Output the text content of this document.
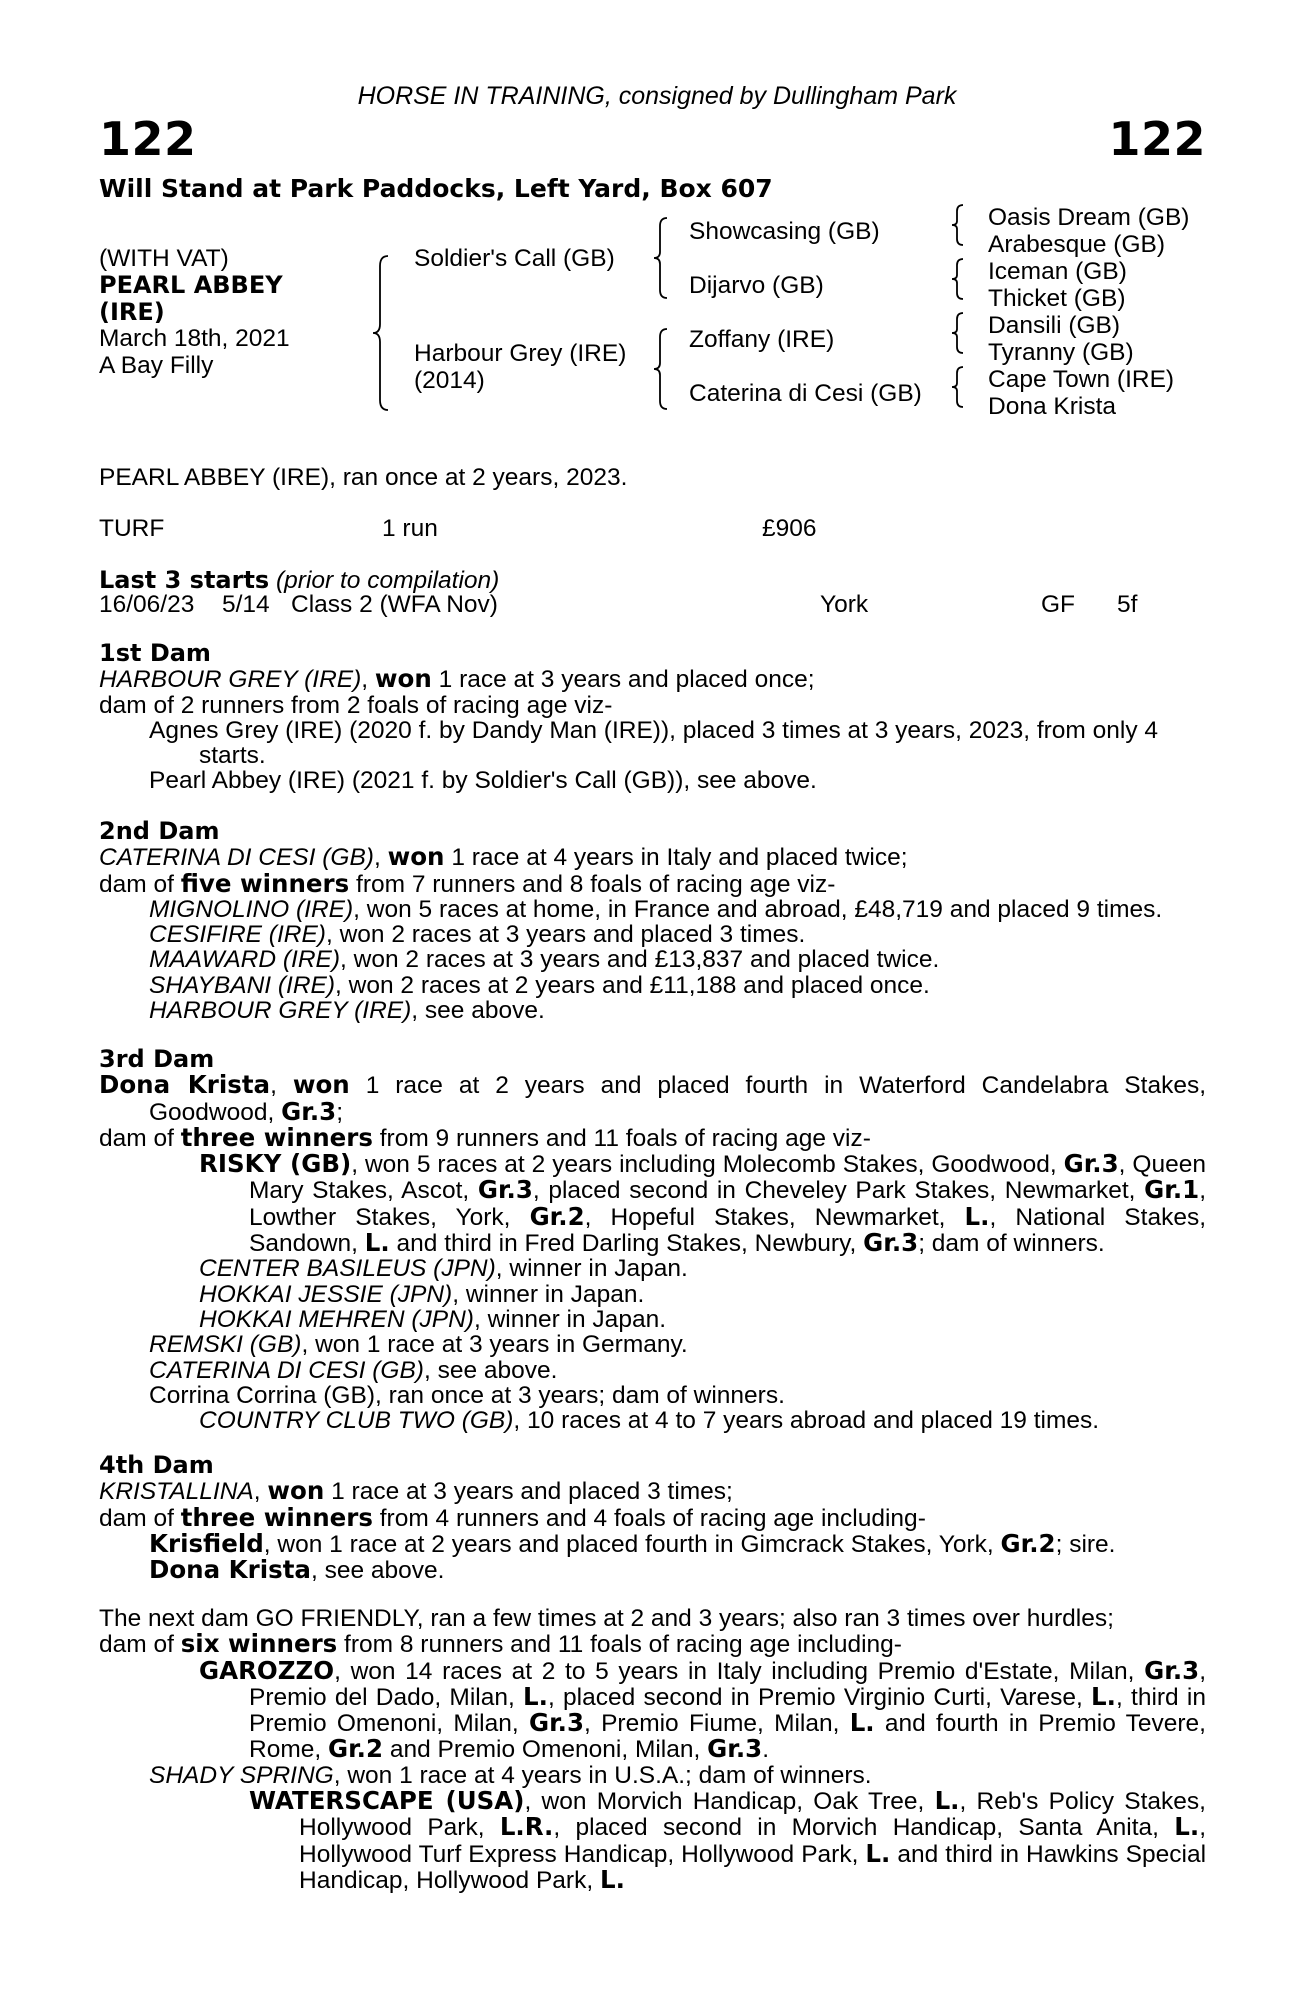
HORSE IN TRAINING, consigned by Dullingham Park
122	122
Will Stand at Park Paddocks, Left Yard, Box 607
(WITH VAT)
PEARL ABBEY
(IRE)
March 18th, 2021
A Bay Filly
Soldier's Call (GB)
Harbour Grey (IRE)
(2014)
Showcasing (GB)
Dijarvo (GB)
Zoffany (IRE)
Caterina di Cesi (GB)
Oasis Dream (GB)
Arabesque (GB)
Iceman (GB)
Thicket (GB)
Dansili (GB)
Tyranny (GB)
Cape Town (IRE)
Dona Krista
PEARL ABBEY (IRE), ran once at 2 years, 2023.
TURF	1 run	£906
Last 3 starts (prior to compilation)
16/06/23 5/14 Class 2 (WFA Nov)	York	GF 5f

1st Dam

HARBOUR GREY (IRE), won 1 race at 3 years and placed once;

dam of 2 runners from 2 foals of racing age viz-

Agnes Grey (IRE) (2020 f. by Dandy Man (IRE)), placed 3 times at 3 years, 2023, from only 4 starts.

Pearl Abbey (IRE) (2021 f. by Soldier's Call (GB)), see above.

2nd Dam

CATERINA DI CESI (GB), won 1 race at 4 years in Italy and placed twice;

dam of five winners from 7 runners and 8 foals of racing age viz-

MIGNOLINO (IRE), won 5 races at home, in France and abroad, £48,719 and placed 9 times.

CESIFIRE (IRE), won 2 races at 3 years and placed 3 times.

MAAWARD (IRE), won 2 races at 3 years and £13,837 and placed twice.

SHAYBANI (IRE), won 2 races at 2 years and £11,188 and placed once.

HARBOUR GREY (IRE), see above.

3rd Dam

Dona Krista, won 1 race at 2 years and placed fourth in Waterford Candelabra Stakes, Goodwood, Gr.3;

dam of three winners from 9 runners and 11 foals of racing age viz-

RISKY (GB), won 5 races at 2 years including Molecomb Stakes, Goodwood, Gr.3, Queen Mary Stakes, Ascot, Gr.3, placed second in Cheveley Park Stakes, Newmarket, Gr.1, Lowther Stakes, York, Gr.2, Hopeful Stakes, Newmarket, L., National Stakes, Sandown, L. and third in Fred Darling Stakes, Newbury, Gr.3; dam of winners.

CENTER BASILEUS (JPN), winner in Japan.

HOKKAI JESSIE (JPN), winner in Japan.

HOKKAI MEHREN (JPN), winner in Japan.

REMSKI (GB), won 1 race at 3 years in Germany.

CATERINA DI CESI (GB), see above.

Corrina Corrina (GB), ran once at 3 years; dam of winners.

COUNTRY CLUB TWO (GB), 10 races at 4 to 7 years abroad and placed 19 times.

4th Dam

KRISTALLINA, won 1 race at 3 years and placed 3 times;

dam of three winners from 4 runners and 4 foals of racing age including-

Krisfield, won 1 race at 2 years and placed fourth in Gimcrack Stakes, York, Gr.2; sire.

Dona Krista, see above.

The next dam GO FRIENDLY, ran a few times at 2 and 3 years; also ran 3 times over hurdles;

dam of six winners from 8 runners and 11 foals of racing age including-

GAROZZO, won 14 races at 2 to 5 years in Italy including Premio d'Estate, Milan, Gr.3, Premio del Dado, Milan, L., placed second in Premio Virginio Curti, Varese, L., third in Premio Omenoni, Milan, Gr.3, Premio Fiume, Milan, L. and fourth in Premio Tevere, Rome, Gr.2 and Premio Omenoni, Milan, Gr.3.

SHADY SPRING, won 1 race at 4 years in U.S.A.; dam of winners.

WATERSCAPE (USA), won Morvich Handicap, Oak Tree, L., Reb's Policy Stakes, Hollywood Park, L.R., placed second in Morvich Handicap, Santa Anita, L., Hollywood Turf Express Handicap, Hollywood Park, L. and third in Hawkins Special Handicap, Hollywood Park, L.
